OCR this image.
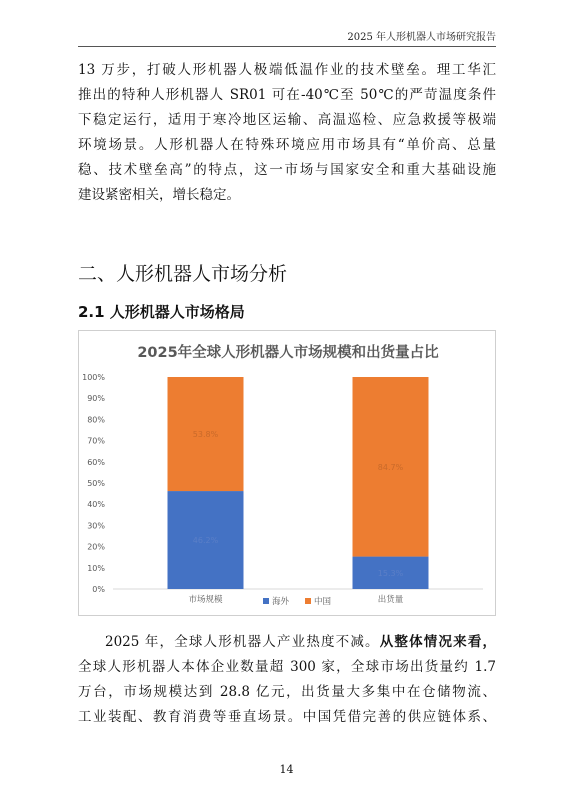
2025 年人形机器人市场研究报告
13 万步，打破人形机器人极端低温作业的技术壁垒。理工华汇
推出的特种人形机器人 SR01 可在-40℃至 50℃的严苛温度条件
下稳定运行，适用于寒冷地区运输、高温巡检、应急救援等极端
环境场景。人形机器人在特殊环境应用市场具有“单价高、总量
稳、技术壁垒高”的特点，这一市场与国家安全和重大基础设施
建设紧密相关，增长稳定。
二、人形机器人市场分析
2.1 人形机器人市场格局
2025年全球人形机器人市场规模和出货量占比
0%
10%
20%
30%
40%
50%
60%
70%
80%
90%
100%
46.2%
53.8%
市场规模
15.3%
84.7%
出货量
海外	中国
2025 年，全球人形机器人产业热度不减。从整体情况来看，
全球人形机器人本体企业数量超 300 家，全球市场出货量约 1.7
万台，市场规模达到 28.8 亿元，出货量大多集中在仓储物流、
工业装配、教育消费等垂直场景。中国凭借完善的供应链体系、
14
